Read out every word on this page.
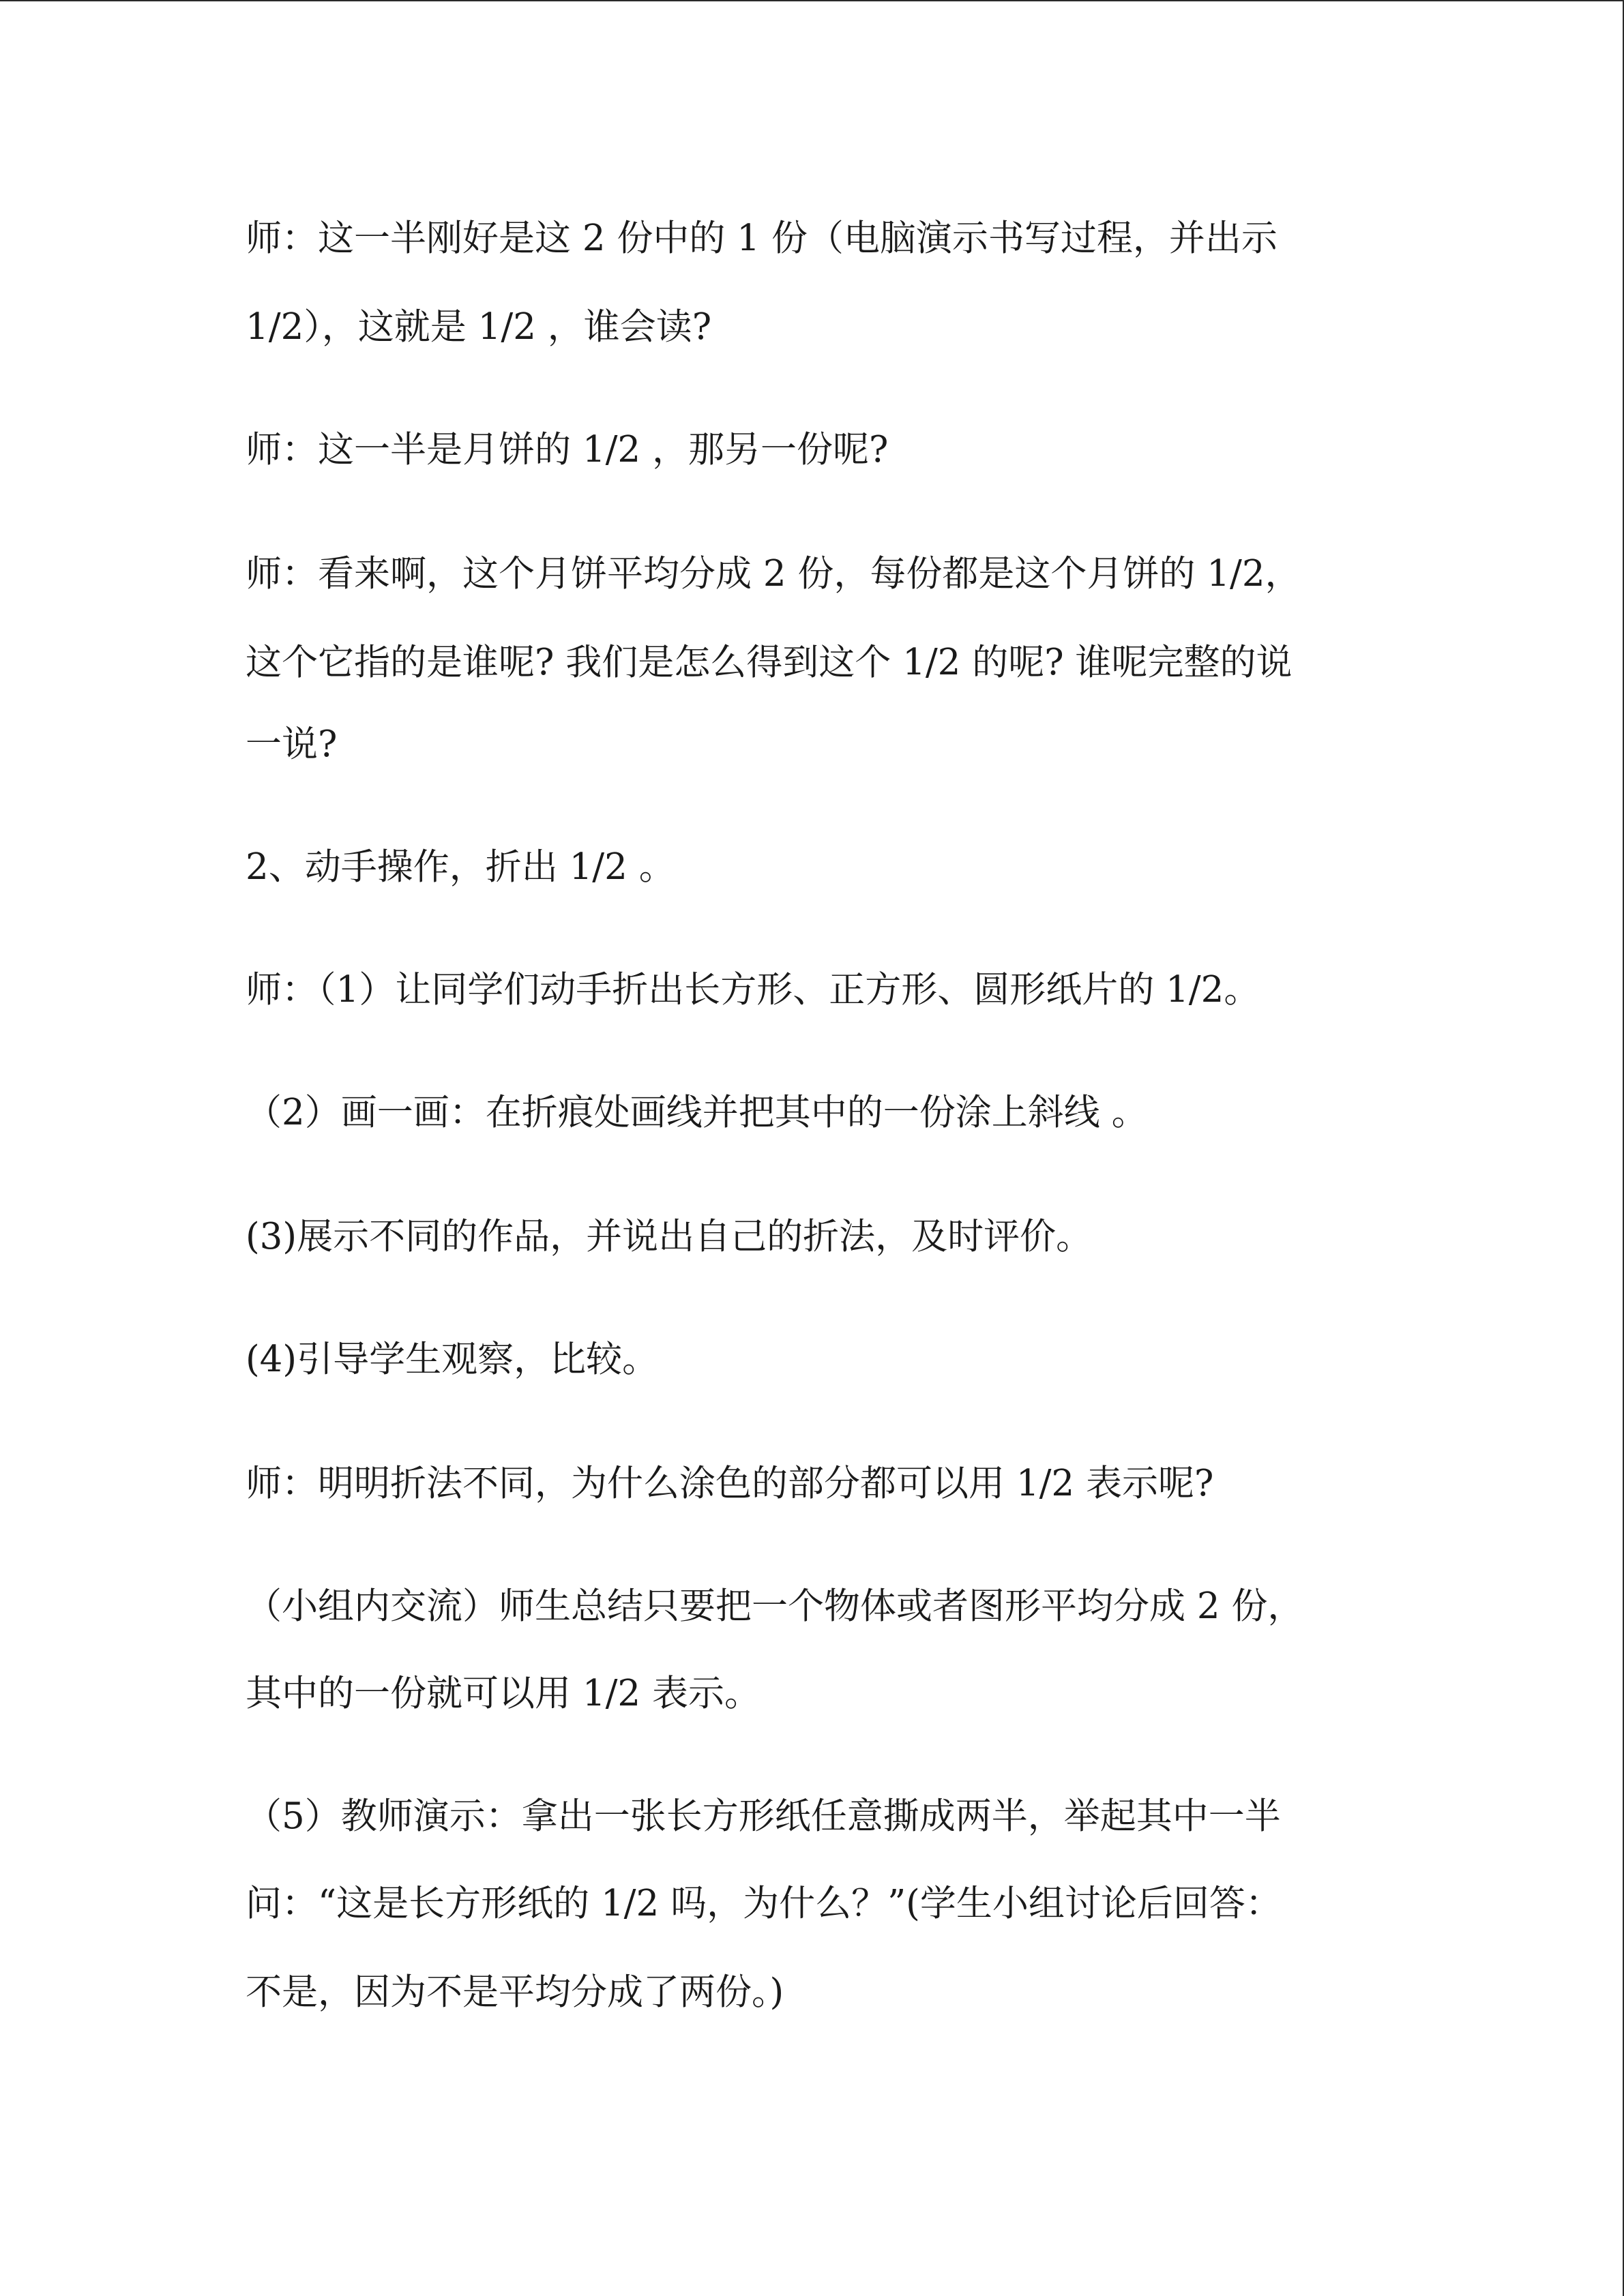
师：这一半刚好是这 2 份中的 1 份（电脑演示书写过程，并出示
1/2），这就是 1/2 ，谁会读?
师：这一半是月饼的 1/2 ，那另一份呢?
师：看来啊，这个月饼平均分成 2 份，每份都是这个月饼的 1/2，
这个它指的是谁呢? 我们是怎么得到这个 1/2 的呢? 谁呢完整的说
一说?
2、动手操作，折出 1/2 。
师：（1）让同学们动手折出长方形、正方形、圆形纸片的 1/2。
（2）画一画：在折痕处画线并把其中的一份涂上斜线 。
(3)展示不同的作品，并说出自己的折法，及时评价。
(4)引导学生观察，比较。
师：明明折法不同，为什么涂色的部分都可以用 1/2 表示呢?
（小组内交流）师生总结只要把一个物体或者图形平均分成 2 份，
其中的一份就可以用 1/2 表示。
（5）教师演示：拿出一张长方形纸任意撕成两半，举起其中一半
问：“这是长方形纸的 1/2 吗，为什么？”(学生小组讨论后回答：
不是，因为不是平均分成了两份。)
